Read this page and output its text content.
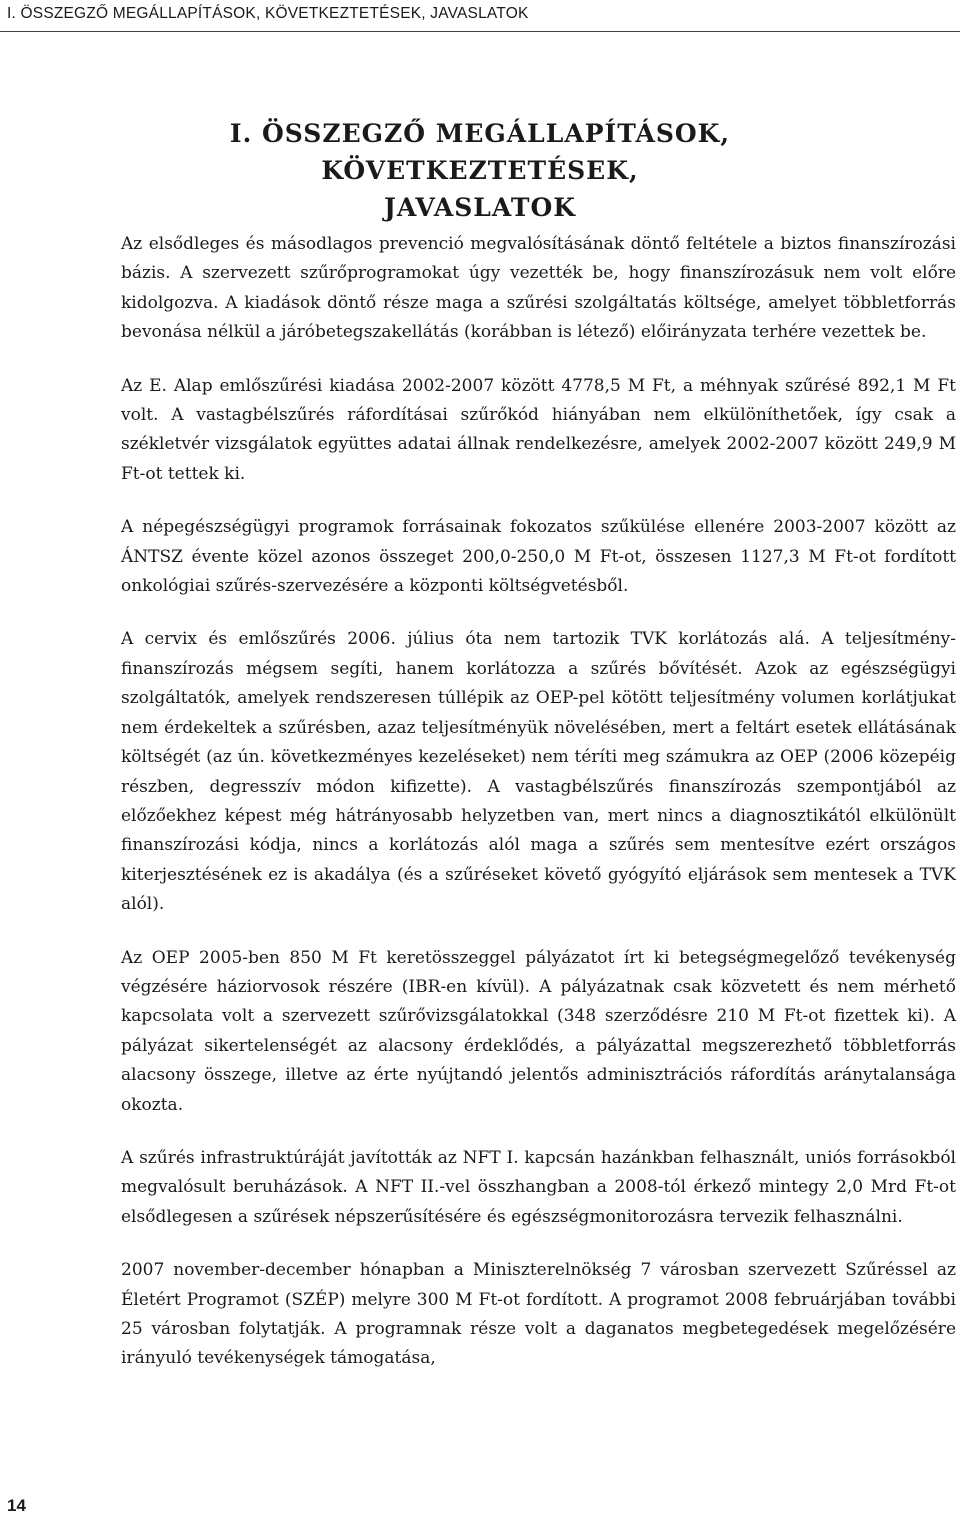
I. ÖSSZEGZŐ MEGÁLLAPÍTÁSOK, KÖVETKEZTETÉSEK, JAVASLATOK
I. ÖSSZEGZŐ MEGÁLLAPÍTÁSOK, KÖVETKEZTETÉSEK,
JAVASLATOK

Az elsődleges és másodlagos prevenció megvalósításának döntő feltétele a biztos finanszírozási bázis. A szervezett szűrőprogramokat úgy vezették be, hogy finanszírozásuk nem volt előre kidolgozva. A kiadások döntő része maga a szűrési szolgáltatás költsége, amelyet többletforrás bevonása nélkül a járóbetegszakellátás (korábban is létező) előirányzata terhére vezettek be.

Az E. Alap emlőszűrési kiadása 2002-2007 között 4778,5 M Ft, a méhnyak szűrésé 892,1 M Ft volt. A vastagbélszűrés ráfordításai szűrőkód hiányában nem elkülöníthetőek, így csak a székletvér vizsgálatok együttes adatai állnak rendelkezésre, amelyek 2002-2007 között 249,9 M Ft-ot tettek ki.

A népegészségügyi programok forrásainak fokozatos szűkülése ellenére 2003-2007 között az ÁNTSZ évente közel azonos összeget 200,0-250,0 M Ft-ot, összesen 1127,3 M Ft-ot fordított onkológiai szűrés-szervezésére a központi költségvetésből.

A cervix és emlőszűrés 2006. július óta nem tartozik TVK korlátozás alá. A teljesítmény-finanszírozás mégsem segíti, hanem korlátozza a szűrés bővítését. Azok az egészségügyi szolgáltatók, amelyek rendszeresen túllépik az OEP-pel kötött teljesítmény volumen korlátjukat nem érdekeltek a szűrésben, azaz teljesítményük növelésében, mert a feltárt esetek ellátásának költségét (az ún. következményes kezeléseket) nem téríti meg számukra az OEP (2006 közepéig részben, degresszív módon kifizette). A vastagbélszűrés finanszírozás szempontjából az előzőekhez képest még hátrányosabb helyzetben van, mert nincs a diagnosztikától elkülönült finanszírozási kódja, nincs a korlátozás alól maga a szűrés sem mentesítve ezért országos kiterjesztésének ez is akadálya (és a szűréseket követő gyógyító eljárások sem mentesek a TVK alól).

Az OEP 2005-ben 850 M Ft keretösszeggel pályázatot írt ki betegségmegelőző tevékenység végzésére háziorvosok részére (IBR-en kívül). A pályázatnak csak közvetett és nem mérhető kapcsolata volt a szervezett szűrővizsgálatokkal (348 szerződésre 210 M Ft-ot fizettek ki). A pályázat sikertelenségét az alacsony érdeklődés, a pályázattal megszerezhető többletforrás alacsony összege, illetve az érte nyújtandó jelentős adminisztrációs ráfordítás aránytalansága okozta.

A szűrés infrastruktúráját javították az NFT I. kapcsán hazánkban felhasznált, uniós forrásokból megvalósult beruházások. A NFT II.-vel összhangban a 2008-tól érkező mintegy 2,0 Mrd Ft-ot elsődlegesen a szűrések népszerűsítésére és egészségmonitorozásra tervezik felhasználni.

2007 november-december hónapban a Miniszterelnökség 7 városban szervezett Szűréssel az Életért Programot (SZÉP) melyre 300 M Ft-ot fordított. A programot 2008 februárjában további 25 városban folytatják. A programnak része volt a daganatos megbetegedések megelőzésére irányuló tevékenységek támogatása,

14
